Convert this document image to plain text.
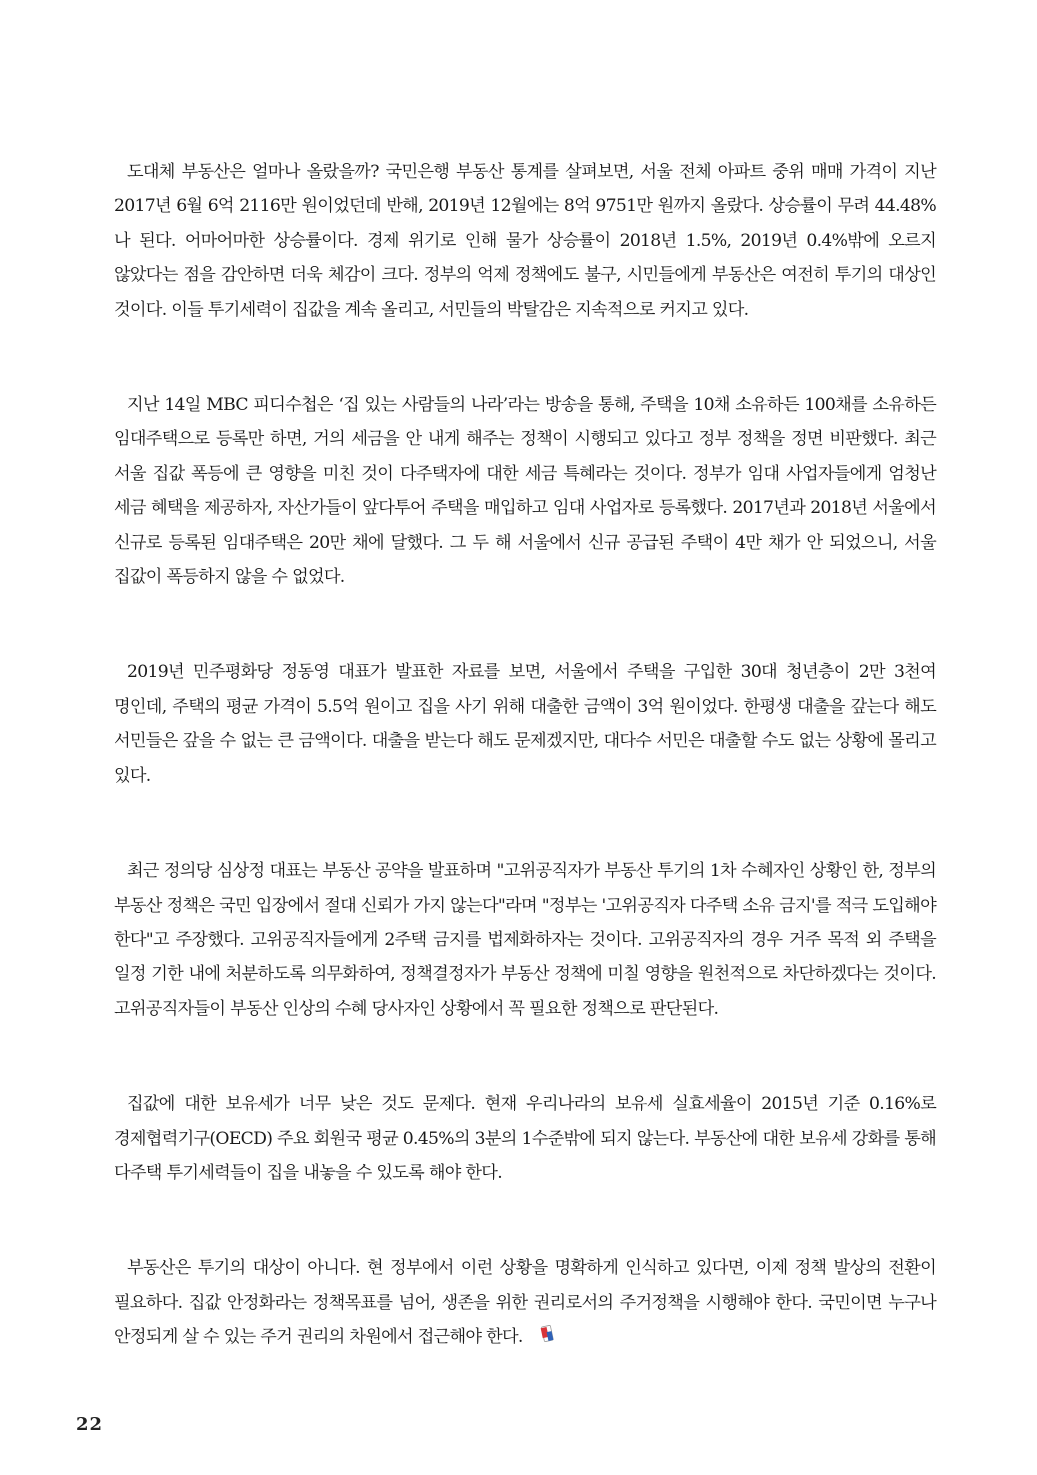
도대체 부동산은 얼마나 올랐을까? 국민은행 부동산 통계를 살펴보면, 서울 전체 아파트 중위 매매 가격이 지난 2017년 6월 6억 2116만 원이었던데 반해, 2019년 12월에는 8억 9751만 원까지 올랐다. 상승률이 무려 44.48%나 된다. 어마어마한 상승률이다. 경제 위기로 인해 물가 상승률이 2018년 1.5%, 2019년 0.4%밖에 오르지 않았다는 점을 감안하면 더욱 체감이 크다. 정부의 억제 정책에도 불구, 시민들에게 부동산은 여전히 투기의 대상인 것이다. 이들 투기세력이 집값을 계속 올리고, 서민들의 박탈감은 지속적으로 커지고 있다.

지난 14일 MBC 피디수첩은 ‘집 있는 사람들의 나라’라는 방송을 통해, 주택을 10채 소유하든 100채를 소유하든 임대주택으로 등록만 하면, 거의 세금을 안 내게 해주는 정책이 시행되고 있다고 정부 정책을 정면 비판했다. 최근 서울 집값 폭등에 큰 영향을 미친 것이 다주택자에 대한 세금 특혜라는 것이다. 정부가 임대 사업자들에게 엄청난 세금 혜택을 제공하자, 자산가들이 앞다투어 주택을 매입하고 임대 사업자로 등록했다. 2017년과 2018년 서울에서 신규로 등록된 임대주택은 20만 채에 달했다. 그 두 해 서울에서 신규 공급된 주택이 4만 채가 안 되었으니, 서울 집값이 폭등하지 않을 수 없었다.

2019년 민주평화당 정동영 대표가 발표한 자료를 보면, 서울에서 주택을 구입한 30대 청년층이 2만 3천여 명인데, 주택의 평균 가격이 5.5억 원이고 집을 사기 위해 대출한 금액이 3억 원이었다. 한평생 대출을 갚는다 해도 서민들은 갚을 수 없는 큰 금액이다. 대출을 받는다 해도 문제겠지만, 대다수 서민은 대출할 수도 없는 상황에 몰리고 있다.

최근 정의당 심상정 대표는 부동산 공약을 발표하며 "고위공직자가 부동산 투기의 1차 수혜자인 상황인 한, 정부의 부동산 정책은 국민 입장에서 절대 신뢰가 가지 않는다"라며 "정부는 '고위공직자 다주택 소유 금지'를 적극 도입해야 한다"고 주장했다. 고위공직자들에게 2주택 금지를 법제화하자는 것이다. 고위공직자의 경우 거주 목적 외 주택을 일정 기한 내에 처분하도록 의무화하여, 정책결정자가 부동산 정책에 미칠 영향을 원천적으로 차단하겠다는 것이다. 고위공직자들이 부동산 인상의 수혜 당사자인 상황에서 꼭 필요한 정책으로 판단된다.

집값에 대한 보유세가 너무 낮은 것도 문제다. 현재 우리나라의 보유세 실효세율이 2015년 기준 0.16%로 경제협력기구(OECD) 주요 회원국 평균 0.45%의 3분의 1수준밖에 되지 않는다. 부동산에 대한 보유세 강화를 통해 다주택 투기세력들이 집을 내놓을 수 있도록 해야 한다.

부동산은 투기의 대상이 아니다. 현 정부에서 이런 상황을 명확하게 인식하고 있다면, 이제 정책 발상의 전환이 필요하다. 집값 안정화라는 정책목표를 넘어, 생존을 위한 권리로서의 주거정책을 시행해야 한다. 국민이면 누구나 안정되게 살 수 있는 주거 권리의 차원에서 접근해야 한다.

22
